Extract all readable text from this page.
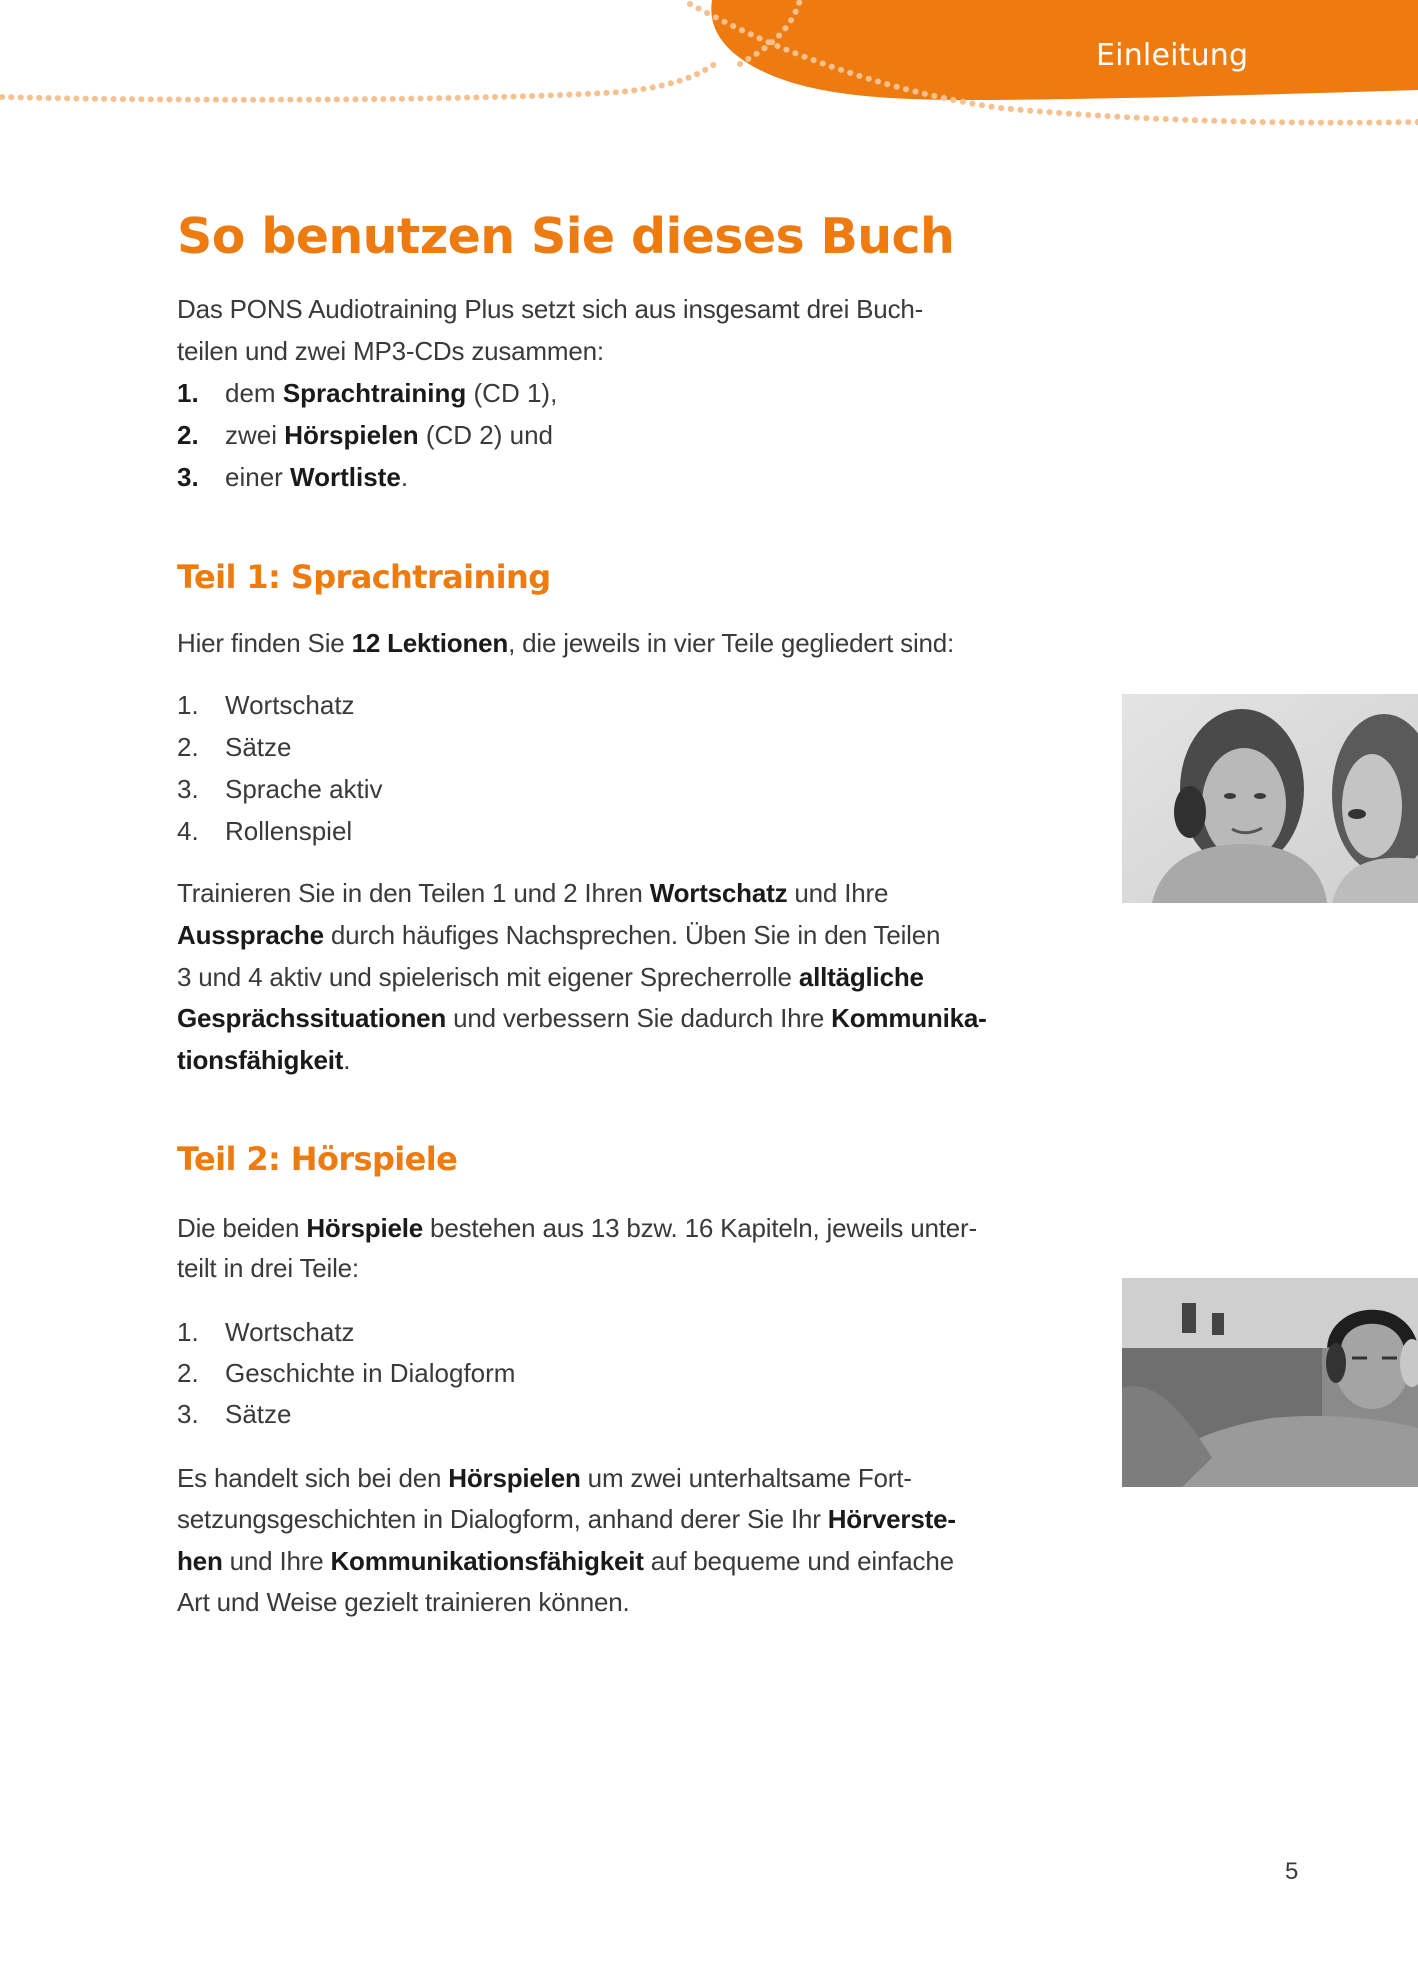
Einleitung
So benutzen Sie dieses Buch
Das PONS Audiotraining Plus setzt sich aus insgesamt drei Buch-
teilen und zwei MP3-CDs zusammen:
1. dem Sprachtraining (CD 1),
2. zwei Hörspielen (CD 2) und
3. einer Wortliste.
Teil 1: Sprachtraining
Hier finden Sie 12 Lektionen, die jeweils in vier Teile gegliedert sind:
1. Wortschatz
2. Sätze
3. Sprache aktiv
4. Rollenspiel
Trainieren Sie in den Teilen 1 und 2 Ihren Wortschatz und Ihre
Aussprache durch häufiges Nachsprechen. Üben Sie in den Teilen
3 und 4 aktiv und spielerisch mit eigener Sprecherrolle alltägliche
Gesprächssituationen und verbessern Sie dadurch Ihre Kommunika-
tionsfähigkeit.
Teil 2: Hörspiele
Die beiden Hörspiele bestehen aus 13 bzw. 16 Kapiteln, jeweils unter-
teilt in drei Teile:
1. Wortschatz
2. Geschichte in Dialogform
3. Sätze
Es handelt sich bei den Hörspielen um zwei unterhaltsame Fort-
setzungsgeschichten in Dialogform, anhand derer Sie Ihr Hörverste-
hen und Ihre Kommunikationsfähigkeit auf bequeme und einfache
Art und Weise gezielt trainieren können.
5
